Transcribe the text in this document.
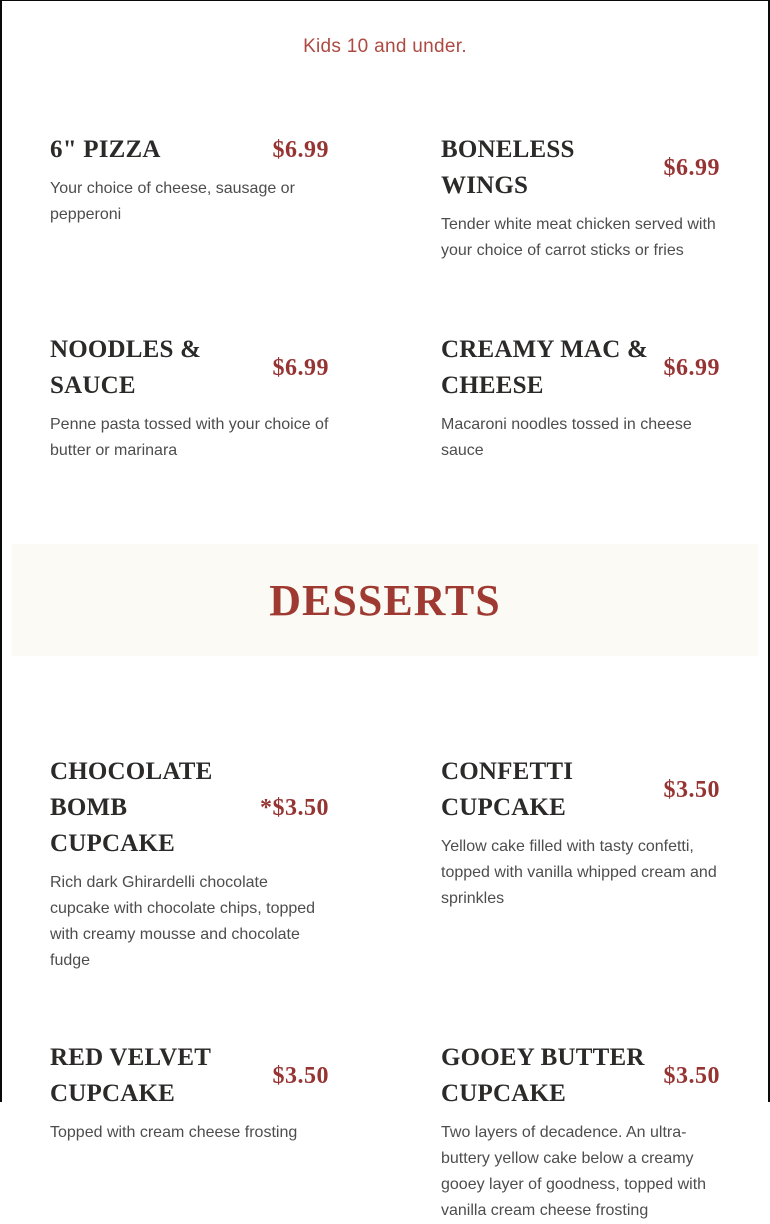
Kids 10 and under.
6" PIZZA	$6.99
Your choice of cheese, sausage or pepperoni
BONELESS WINGS
$6.99
Tender white meat chicken served with your choice of carrot sticks or fries
NOODLES & SAUCE
$6.99
Penne pasta tossed with your choice of butter or marinara
CREAMY MAC & CHEESE
$6.99
Macaroni noodles tossed in cheese sauce
DESSERTS
CHOCOLATE BOMB CUPCAKE
*$3.50
Rich dark Ghirardelli chocolate cupcake with chocolate chips, topped with creamy mousse and chocolate fudge
CONFETTI CUPCAKE
$3.50
Yellow cake filled with tasty confetti, topped with vanilla whipped cream and sprinkles
RED VELVET CUPCAKE
$3.50
Topped with cream cheese frosting
GOOEY BUTTER CUPCAKE
$3.50
Two layers of decadence. An ultra-buttery yellow cake below a creamy gooey layer of goodness, topped with vanilla cream cheese frosting
